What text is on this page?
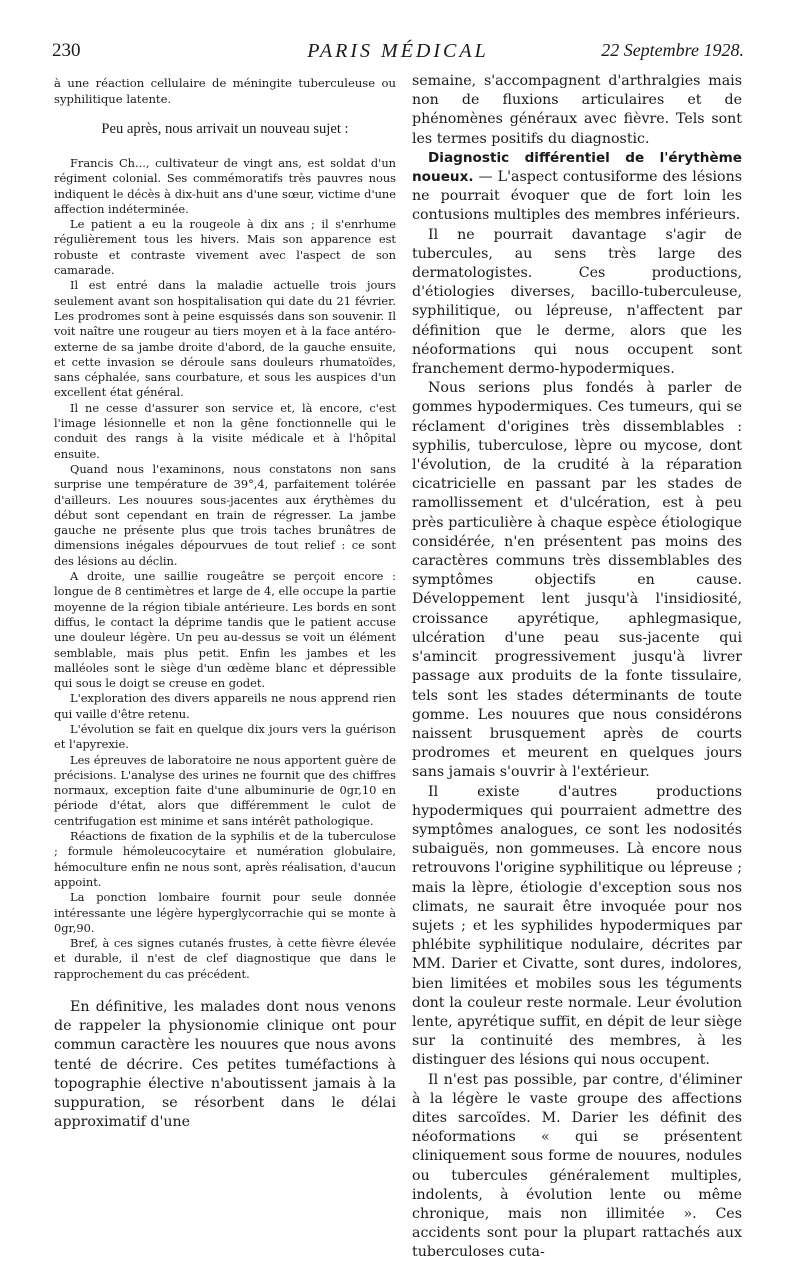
230	PARIS MÉDICAL	22 Septembre 1928.

à une réaction cellulaire de méningite tuberculeuse ou syphilitique latente.

Peu après, nous arrivait un nouveau sujet :

Francis Ch..., cultivateur de vingt ans, est soldat d'un régiment colonial. Ses commémoratifs très pauvres nous indiquent le décès à dix-huit ans d'une sœur, victime d'une affection indéterminée.

Le patient a eu la rougeole à dix ans ; il s'enrhume régulièrement tous les hivers. Mais son apparence est robuste et contraste vivement avec l'aspect de son camarade.

Il est entré dans la maladie actuelle trois jours seulement avant son hospitalisation qui date du 21 février. Les prodromes sont à peine esquissés dans son souvenir. Il voit naître une rougeur au tiers moyen et à la face antéro-externe de sa jambe droite d'abord, de la gauche ensuite, et cette invasion se déroule sans douleurs rhumatoïdes, sans céphalée, sans courbature, et sous les auspices d'un excellent état général.

Il ne cesse d'assurer son service et, là encore, c'est l'image lésionnelle et non la gêne fonctionnelle qui le conduit des rangs à la visite médicale et à l'hôpital ensuite.

Quand nous l'examinons, nous constatons non sans surprise une température de 39°,4, parfaitement tolérée d'ailleurs. Les nouures sous-jacentes aux érythèmes du début sont cependant en train de régresser. La jambe gauche ne présente plus que trois taches brunâtres de dimensions inégales dépourvues de tout relief : ce sont des lésions au déclin.

A droite, une saillie rougeâtre se perçoit encore : longue de 8 centimètres et large de 4, elle occupe la partie moyenne de la région tibiale antérieure. Les bords en sont diffus, le contact la déprime tandis que le patient accuse une douleur légère. Un peu au-dessus se voit un élément semblable, mais plus petit. Enfin les jambes et les malléoles sont le siège d'un œdème blanc et dépressible qui sous le doigt se creuse en godet.

L'exploration des divers appareils ne nous apprend rien qui vaille d'être retenu.

L'évolution se fait en quelque dix jours vers la guérison et l'apyrexie.

Les épreuves de laboratoire ne nous apportent guère de précisions. L'analyse des urines ne fournit que des chiffres normaux, exception faite d'une albuminurie de 0gr,10 en période d'état, alors que différemment le culot de centrifugation est minime et sans intérêt pathologique.

Réactions de fixation de la syphilis et de la tuberculose ; formule hémoleucocytaire et numération globulaire, hémoculture enfin ne nous sont, après réalisation, d'aucun appoint.

La ponction lombaire fournit pour seule donnée intéressante une légère hyperglycorrachie qui se monte à 0gr,90.

Bref, à ces signes cutanés frustes, à cette fièvre élevée et durable, il n'est de clef diagnostique que dans le rapprochement du cas précédent.

En définitive, les malades dont nous venons de rappeler la physionomie clinique ont pour commun caractère les nouures que nous avons tenté de décrire. Ces petites tuméfactions à topographie élective n'aboutissent jamais à la suppuration, se résorbent dans le délai approximatif d'une

semaine, s'accompagnent d'arthralgies mais non de fluxions articulaires et de phénomènes généraux avec fièvre. Tels sont les termes positifs du diagnostic.

Diagnostic différentiel de l'érythème noueux. — L'aspect contusiforme des lésions ne pourrait évoquer que de fort loin les contusions multiples des membres inférieurs.

Il ne pourrait davantage s'agir de tubercules, au sens très large des dermatologistes. Ces productions, d'étiologies diverses, bacillo-tuberculeuse, syphilitique, ou lépreuse, n'affectent par définition que le derme, alors que les néoformations qui nous occupent sont franchement dermo-hypodermiques.

Nous serions plus fondés à parler de gommes hypodermiques. Ces tumeurs, qui se réclament d'origines très dissemblables : syphilis, tuberculose, lèpre ou mycose, dont l'évolution, de la crudité à la réparation cicatricielle en passant par les stades de ramollissement et d'ulcération, est à peu près particulière à chaque espèce étiologique considérée, n'en présentent pas moins des caractères communs très dissemblables des symptômes objectifs en cause. Développement lent jusqu'à l'insidiosité, croissance apyrétique, aphlegmasique, ulcération d'une peau sus-jacente qui s'amincit progressivement jusqu'à livrer passage aux produits de la fonte tissulaire, tels sont les stades déterminants de toute gomme. Les nouures que nous considérons naissent brusquement après de courts prodromes et meurent en quelques jours sans jamais s'ouvrir à l'extérieur.

Il existe d'autres productions hypodermiques qui pourraient admettre des symptômes analogues, ce sont les nodosités subaiguës, non gommeuses. Là encore nous retrouvons l'origine syphilitique ou lépreuse ; mais la lèpre, étiologie d'exception sous nos climats, ne saurait être invoquée pour nos sujets ; et les syphilides hypodermiques par phlébite syphilitique nodulaire, décrites par MM. Darier et Civatte, sont dures, indolores, bien limitées et mobiles sous les téguments dont la couleur reste normale. Leur évolution lente, apyrétique suffit, en dépit de leur siège sur la continuité des membres, à les distinguer des lésions qui nous occupent.

Il n'est pas possible, par contre, d'éliminer à la légère le vaste groupe des affections dites sarcoïdes. M. Darier les définit des néoformations « qui se présentent cliniquement sous forme de nouures, nodules ou tubercules généralement multiples, indolents, à évolution lente ou même chronique, mais non illimitée ». Ces accidents sont pour la plupart rattachés aux tuberculoses cuta-
